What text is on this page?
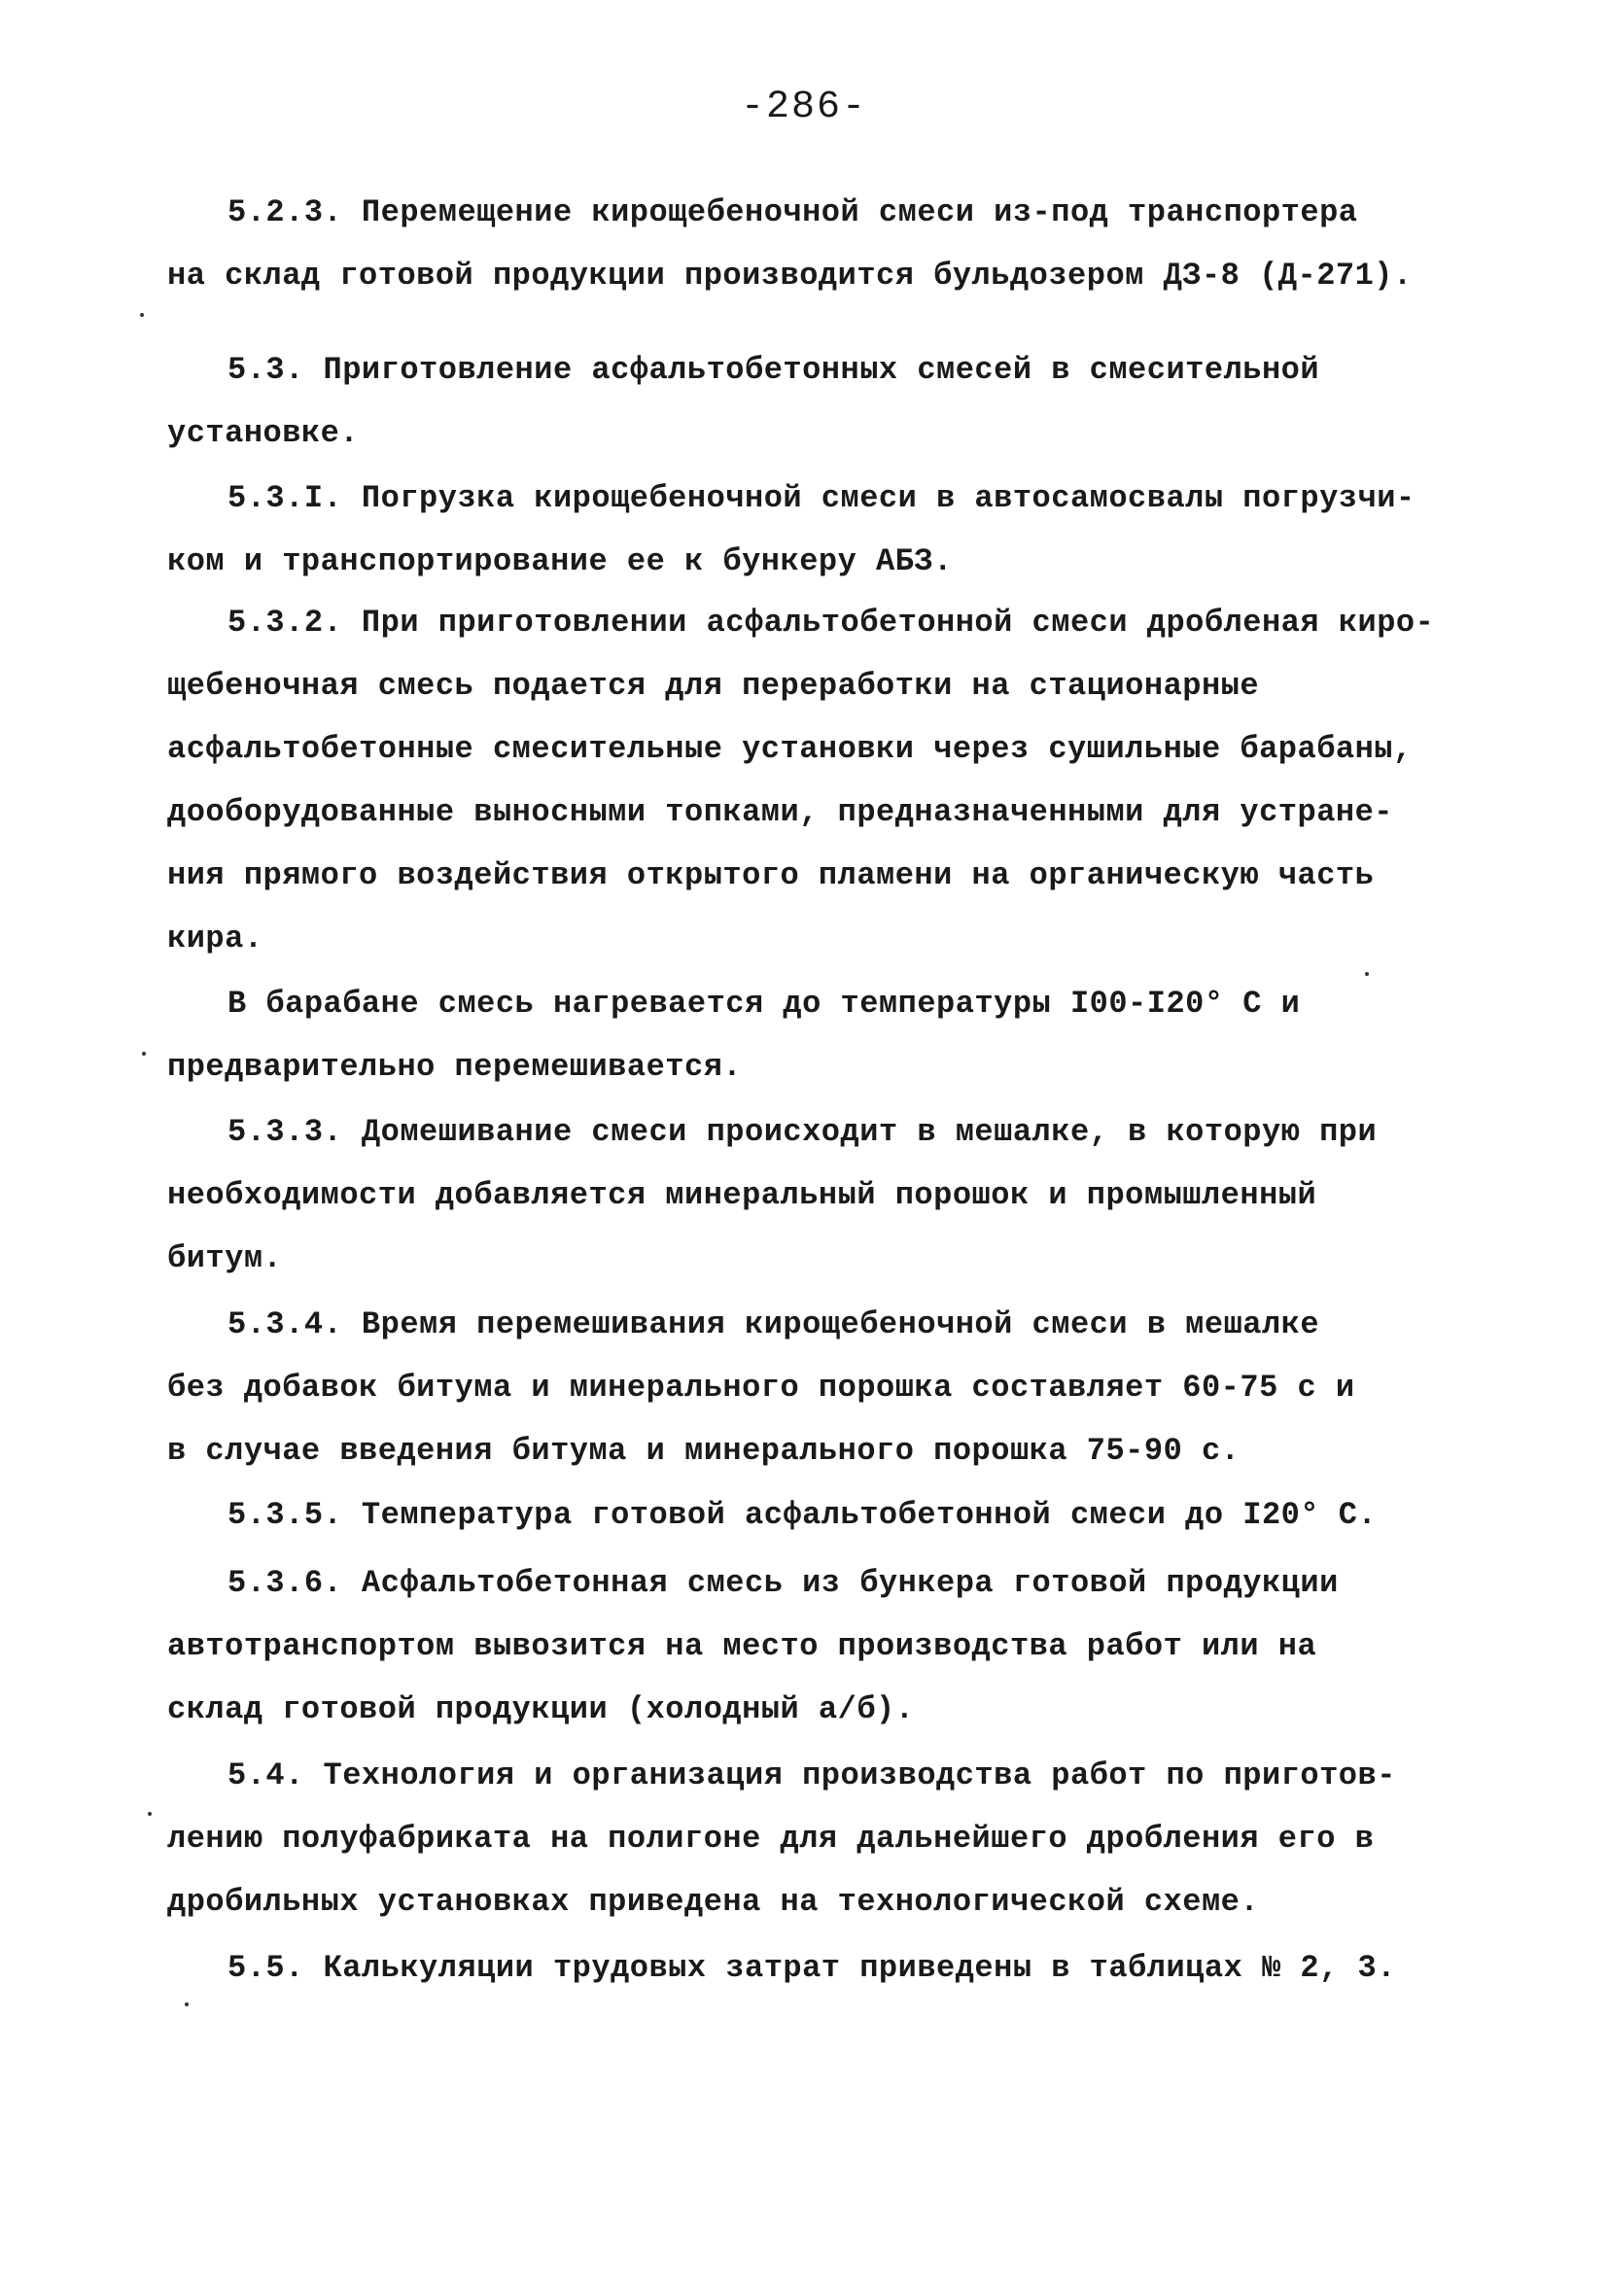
-286-

5.2.3. Перемещение кирощебеночной смеси из-под транспортера
на склад готовой продукции производится бульдозером ДЗ-8 (Д-271).

5.3. Приготовление асфальтобетонных смесей в смесительной
установке.

5.3.I. Погрузка кирощебеночной смеси в автосамосвалы погрузчи-
ком и транспортирование ее к бункеру АБЗ.

5.3.2. При приготовлении асфальтобетонной смеси дробленая киро-
щебеночная смесь подается для переработки на стационарные
асфальтобетонные смесительные установки через сушильные барабаны,
дооборудованные выносными топками, предназначенными для устране-
ния прямого воздействия открытого пламени на органическую часть
кира.

В барабане смесь нагревается до температуры I00-I20° С и
предварительно перемешивается.

5.3.3. Домешивание смеси происходит в мешалке, в которую при
необходимости добавляется минеральный порошок и промышленный
битум.

5.3.4. Время перемешивания кирощебеночной смеси в мешалке
без добавок битума и минерального порошка составляет 60-75 с и
в случае введения битума и минерального порошка 75-90 с.

5.3.5. Температура готовой асфальтобетонной смеси до I20° С.

5.3.6. Асфальтобетонная смесь из бункера готовой продукции
автотранспортом вывозится на место производства работ или на
склад готовой продукции (холодный а/б).

5.4. Технология и организация производства работ по приготов-
лению полуфабриката на полигоне для дальнейшего дробления его в
дробильных установках приведена на технологической схеме.

5.5. Калькуляции трудовых затрат приведены в таблицах № 2, 3.
